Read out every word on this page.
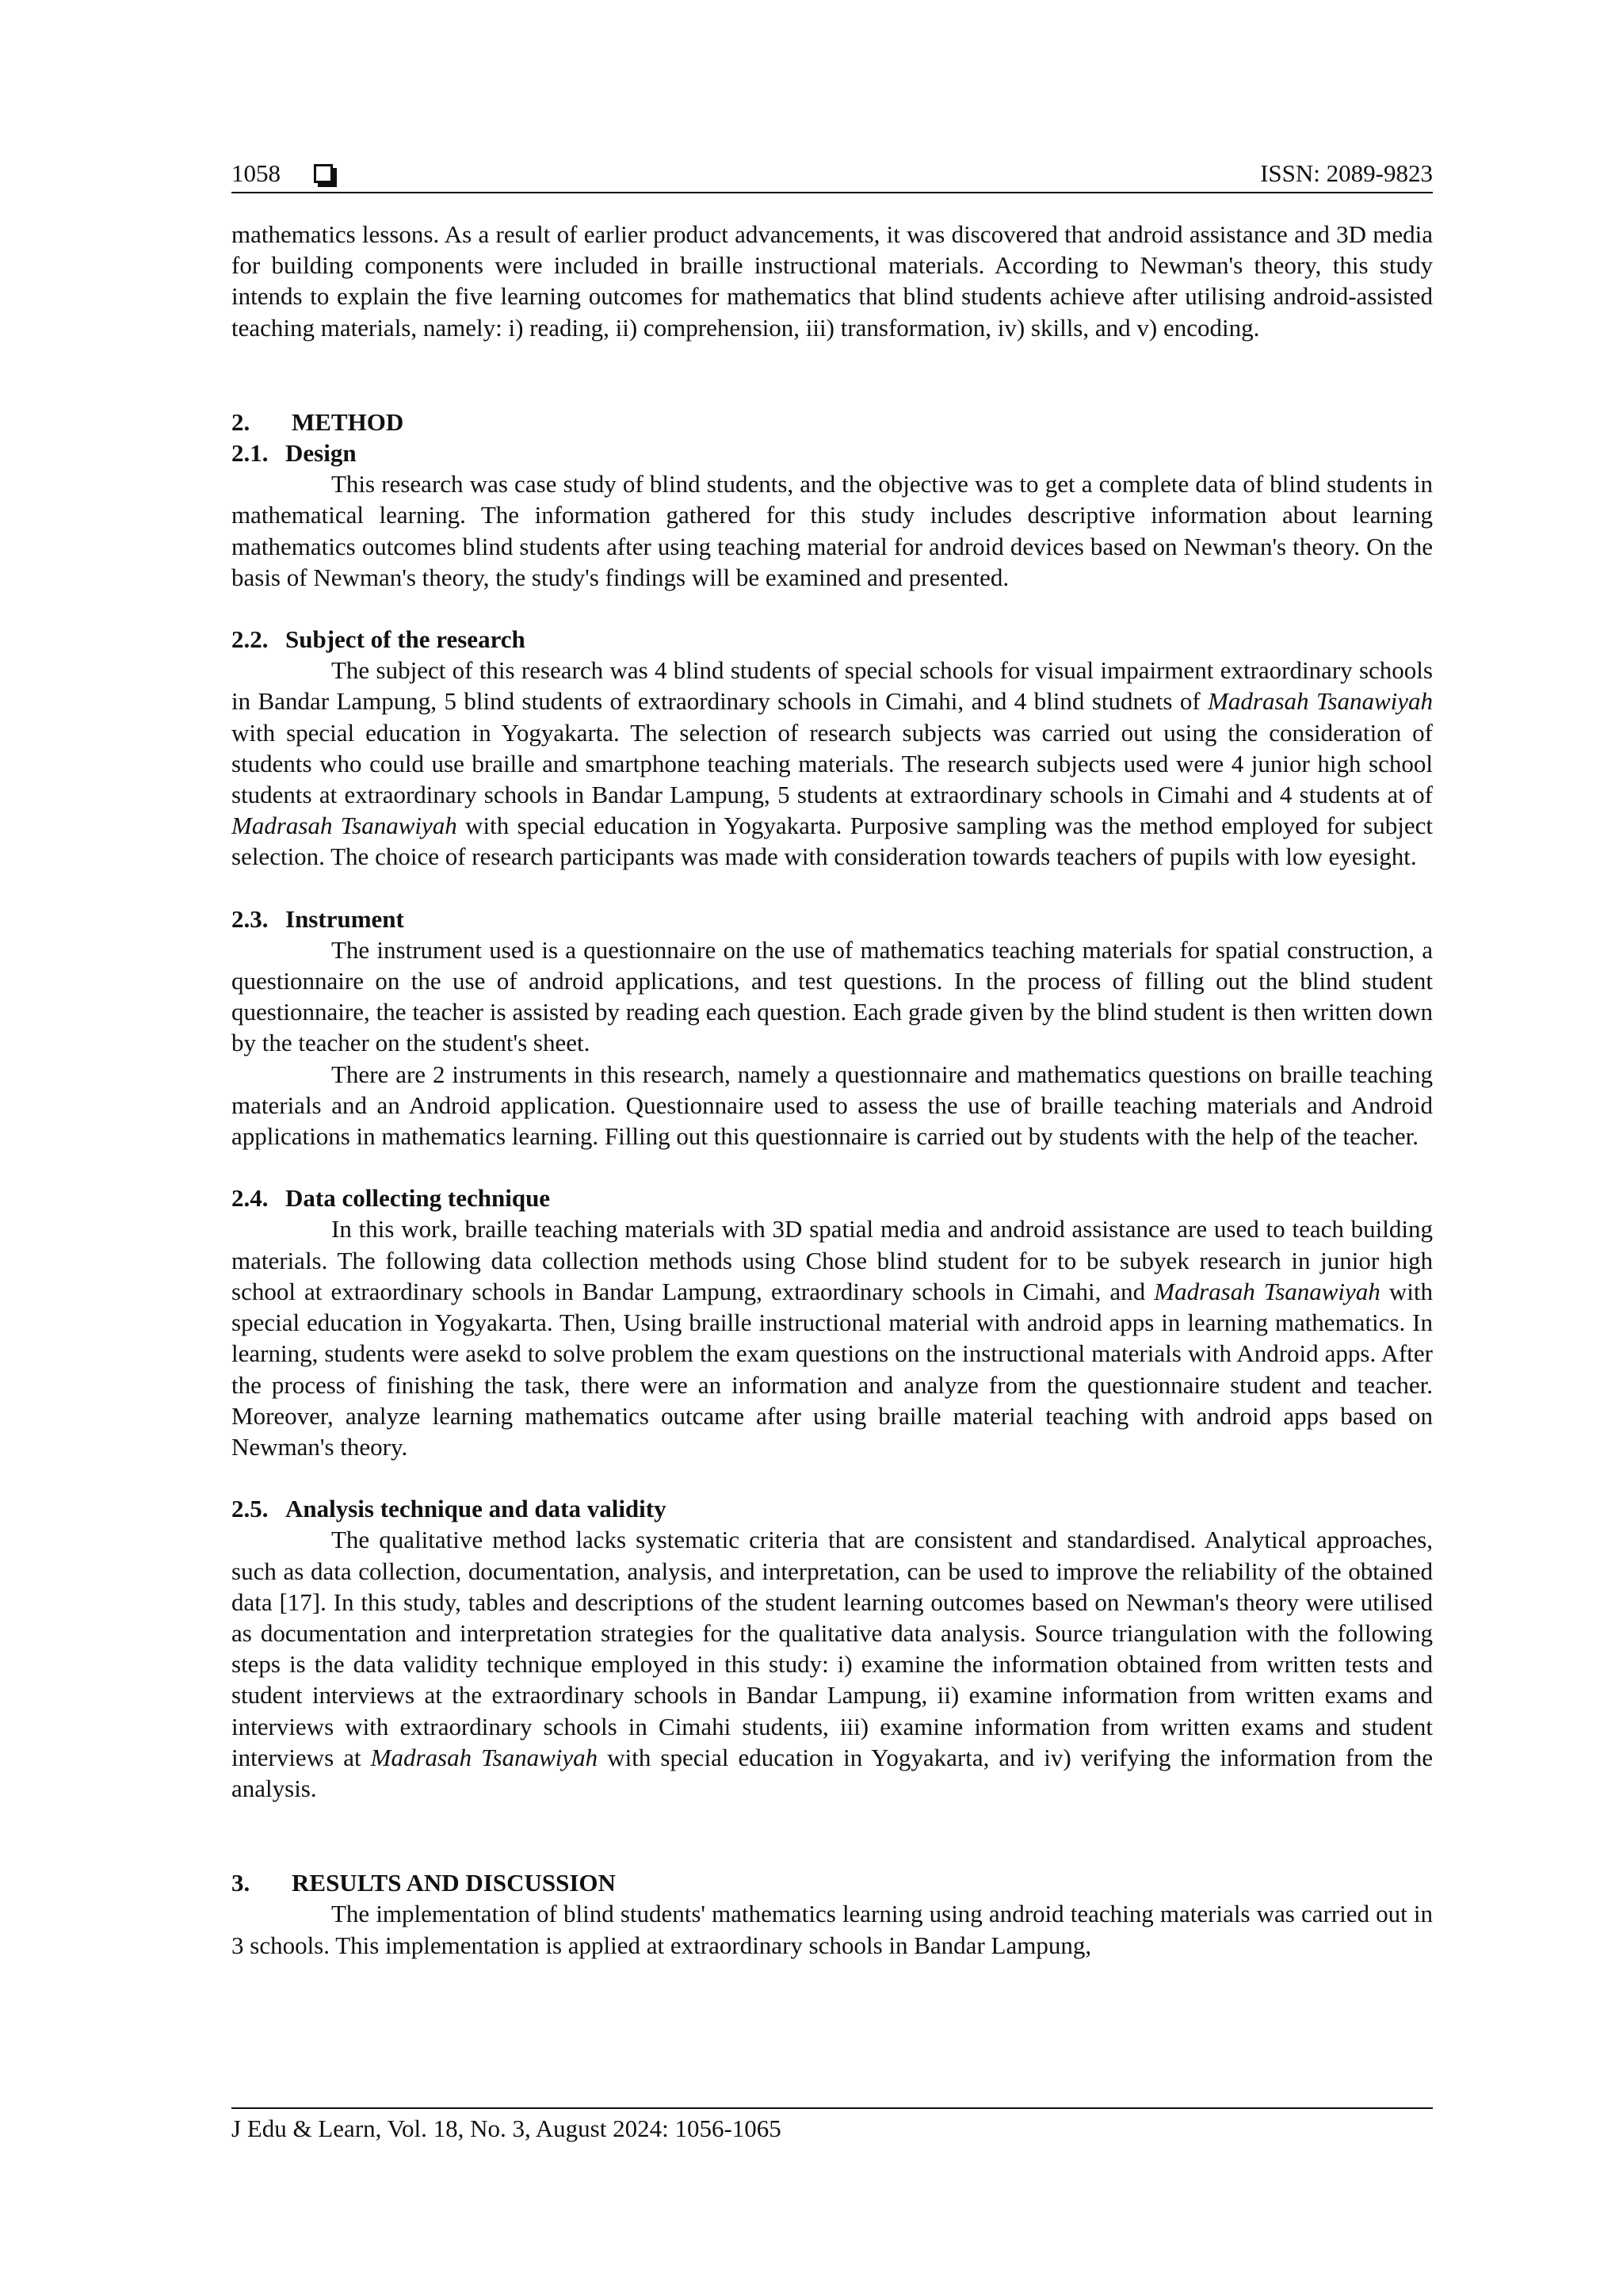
1058	ISSN: 2089-9823

mathematics lessons. As a result of earlier product advancements, it was discovered that android assistance and 3D media for building components were included in braille instructional materials. According to Newman's theory, this study intends to explain the five learning outcomes for mathematics that blind students achieve after utilising android-assisted teaching materials, namely: i) reading, ii) comprehension, iii) transformation, iv) skills, and v) encoding.

2. METHOD
2.1. Design

This research was case study of blind students, and the objective was to get a complete data of blind students in mathematical learning. The information gathered for this study includes descriptive information about learning mathematics outcomes blind students after using teaching material for android devices based on Newman's theory. On the basis of Newman's theory, the study's findings will be examined and presented.

2.2. Subject of the research

The subject of this research was 4 blind students of special schools for visual impairment extraordinary schools in Bandar Lampung, 5 blind students of extraordinary schools in Cimahi, and 4 blind studnets of Madrasah Tsanawiyah with special education in Yogyakarta. The selection of research subjects was carried out using the consideration of students who could use braille and smartphone teaching materials. The research subjects used were 4 junior high school students at extraordinary schools in Bandar Lampung, 5 students at extraordinary schools in Cimahi and 4 students at of Madrasah Tsanawiyah with special education in Yogyakarta. Purposive sampling was the method employed for subject selection. The choice of research participants was made with consideration towards teachers of pupils with low eyesight.

2.3. Instrument

The instrument used is a questionnaire on the use of mathematics teaching materials for spatial construction, a questionnaire on the use of android applications, and test questions. In the process of filling out the blind student questionnaire, the teacher is assisted by reading each question. Each grade given by the blind student is then written down by the teacher on the student's sheet.

There are 2 instruments in this research, namely a questionnaire and mathematics questions on braille teaching materials and an Android application. Questionnaire used to assess the use of braille teaching materials and Android applications in mathematics learning. Filling out this questionnaire is carried out by students with the help of the teacher.

2.4. Data collecting technique

In this work, braille teaching materials with 3D spatial media and android assistance are used to teach building materials. The following data collection methods using Chose blind student for to be subyek research in junior high school at extraordinary schools in Bandar Lampung, extraordinary schools in Cimahi, and Madrasah Tsanawiyah with special education in Yogyakarta. Then, Using braille instructional material with android apps in learning mathematics. In learning, students were asekd to solve problem the exam questions on the instructional materials with Android apps. After the process of finishing the task, there were an information and analyze from the questionnaire student and teacher. Moreover, analyze learning mathematics outcame after using braille material teaching with android apps based on Newman's theory.

2.5. Analysis technique and data validity

The qualitative method lacks systematic criteria that are consistent and standardised. Analytical approaches, such as data collection, documentation, analysis, and interpretation, can be used to improve the reliability of the obtained data [17]. In this study, tables and descriptions of the student learning outcomes based on Newman's theory were utilised as documentation and interpretation strategies for the qualitative data analysis. Source triangulation with the following steps is the data validity technique employed in this study: i) examine the information obtained from written tests and student interviews at the extraordinary schools in Bandar Lampung, ii) examine information from written exams and interviews with extraordinary schools in Cimahi students, iii) examine information from written exams and student interviews at Madrasah Tsanawiyah with special education in Yogyakarta, and iv) verifying the information from the analysis.

3. RESULTS AND DISCUSSION

The implementation of blind students' mathematics learning using android teaching materials was carried out in 3 schools. This implementation is applied at extraordinary schools in Bandar Lampung,

J Edu & Learn, Vol. 18, No. 3, August 2024: 1056-1065
